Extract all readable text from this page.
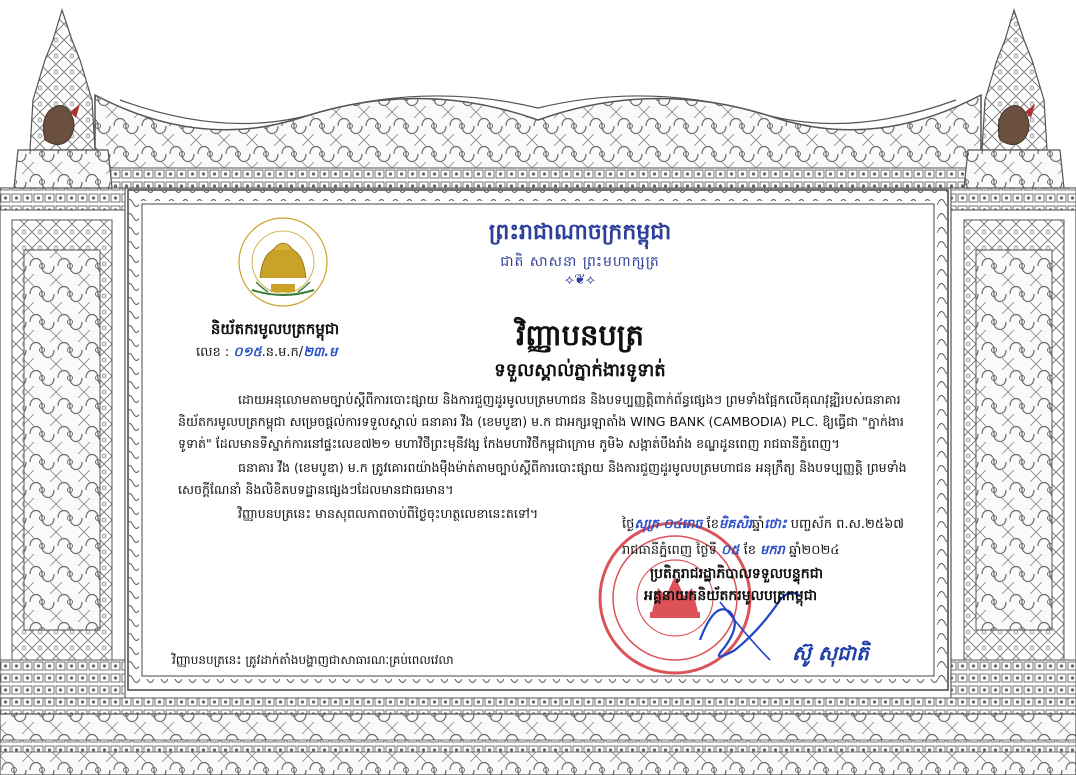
ព្រះរាជាណាចក្រកម្ពុជា
ជាតិ សាសនា ព្រះមហាក្សត្រ
⟡❦⟡
និយ័តករមូលបត្រកម្ពុជា
លេខ : ០១៥.ន.ម.ក/២៣.ម
វិញ្ញាបនបត្រ
ទទួលស្គាល់ភ្នាក់ងារទូទាត់
ដោយអនុលោមតាមច្បាប់ស្តីពីការបោះផ្សាយ និងការជួញដូរមូលបត្រមហាជន និងបទប្បញ្ញត្តិពាក់ព័ន្ធផ្សេងៗ ព្រមទាំងផ្អែកលើគុណវុឌ្ឍិរបស់ធនាគារ
និយ័តករមូលបត្រកម្ពុជា សម្រេចផ្តល់ការទទួលស្គាល់ ធនាគារ វីង (ខេមបូឌា) ម.ក ជាអក្សរឡាតាំង WING BANK (CAMBODIA) PLC. ឱ្យធ្វើជា "ភ្នាក់ងារ
ទូទាត់" ដែលមានទីស្នាក់ការនៅផ្ទះលេខ៧២១ មហាវិថីព្រះមុនីវង្ស កែងមហាវិថីកម្ពុជាក្រោម ភូមិ៦ សង្កាត់បឹងរាំង ខណ្ឌដូនពេញ រាជធានីភ្នំពេញ។
ធនាគារ វីង (ខេមបូឌា) ម.ក ត្រូវគោរពយ៉ាងម៉ឺងម៉ាត់តាមច្បាប់ស្តីពីការបោះផ្សាយ និងការជួញដូរមូលបត្រមហាជន អនុក្រឹត្យ និងបទប្បញ្ញត្តិ ព្រមទាំង
សេចក្តីណែនាំ និងលិខិតបទដ្ឋានផ្សេងៗដែលមានជាធរមាន។
វិញ្ញាបនបត្រនេះ មានសុពលភាពចាប់ពីថ្ងៃចុះហត្ថលេខានេះតទៅ។
ថ្ងៃសុក្រ ០៤រោច ខែមិគសិរឆ្នាំថោះ បញ្ចស័ក ព.ស.២៥៦៧
រាជធានីភ្នំពេញ ថ្ងៃទី ០៥ ខែ មករា ឆ្នាំ២០២៤
ប្រតិភូរាជរដ្ឋាភិបាលទទួលបន្ទុកជា
អគ្គនាយកនិយ័តករមូលបត្រកម្ពុជា
ស៊ូ សុជាតិ
វិញ្ញាបនបត្រនេះ ត្រូវដាក់តាំងបង្ហាញជាសាធារណៈគ្រប់ពេលវេលា
